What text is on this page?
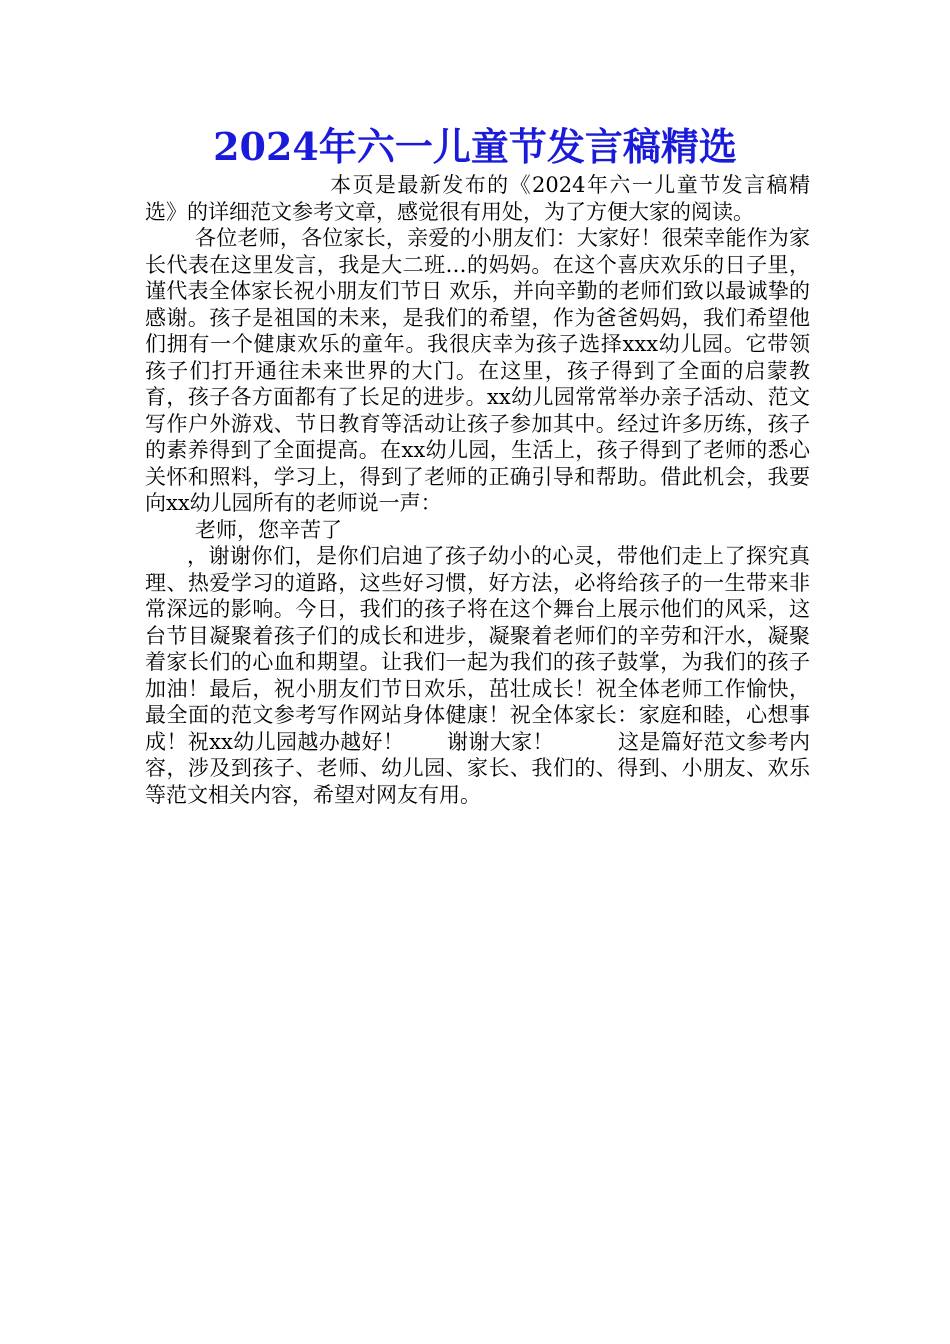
2024年六一儿童节发言稿精选

本页是最新发布的《2024年六一儿童节发言稿精选》的详细范文参考文章，感觉很有用处，为了方便大家的阅读。

各位老师，各位家长，亲爱的小朋友们：大家好！很荣幸能作为家长代表在这里发言，我是大二班…的妈妈。在这个喜庆欢乐的日子里，谨代表全体家长祝小朋友们节日 欢乐，并向辛勤的老师们致以最诚挚的感谢。孩子是祖国的未来，是我们的希望，作为爸爸妈妈，我们希望他们拥有一个健康欢乐的童年。我很庆幸为孩子选择xxx幼儿园。它带领孩子们打开通往未来世界的大门。在这里，孩子得到了全面的启蒙教育，孩子各方面都有了长足的进步。xx幼儿园常常举办亲子活动、范文写作户外游戏、节日教育等活动让孩子参加其中。经过许多历练，孩子的素养得到了全面提高。在xx幼儿园，生活上，孩子得到了老师的悉心关怀和照料，学习上，得到了老师的正确引导和帮助。借此机会，我要向xx幼儿园所有的老师说一声：

老师，您辛苦了

，谢谢你们，是你们启迪了孩子幼小的心灵，带他们走上了探究真理、热爱学习的道路，这些好习惯，好方法，必将给孩子的一生带来非常深远的影响。今日，我们的孩子将在这个舞台上展示他们的风采，这台节目凝聚着孩子们的成长和进步，凝聚着老师们的辛劳和汗水，凝聚着家长们的心血和期望。让我们一起为我们的孩子鼓掌，为我们的孩子加油！最后，祝小朋友们节日欢乐，茁壮成长！祝全体老师工作愉快，最全面的范文参考写作网站身体健康！祝全体家长：家庭和睦，心想事成！祝xx幼儿园越办越好！　　谢谢大家！　　　这是篇好范文参考内容，涉及到孩子、老师、幼儿园、家长、我们的、得到、小朋友、欢乐等范文相关内容，希望对网友有用。
